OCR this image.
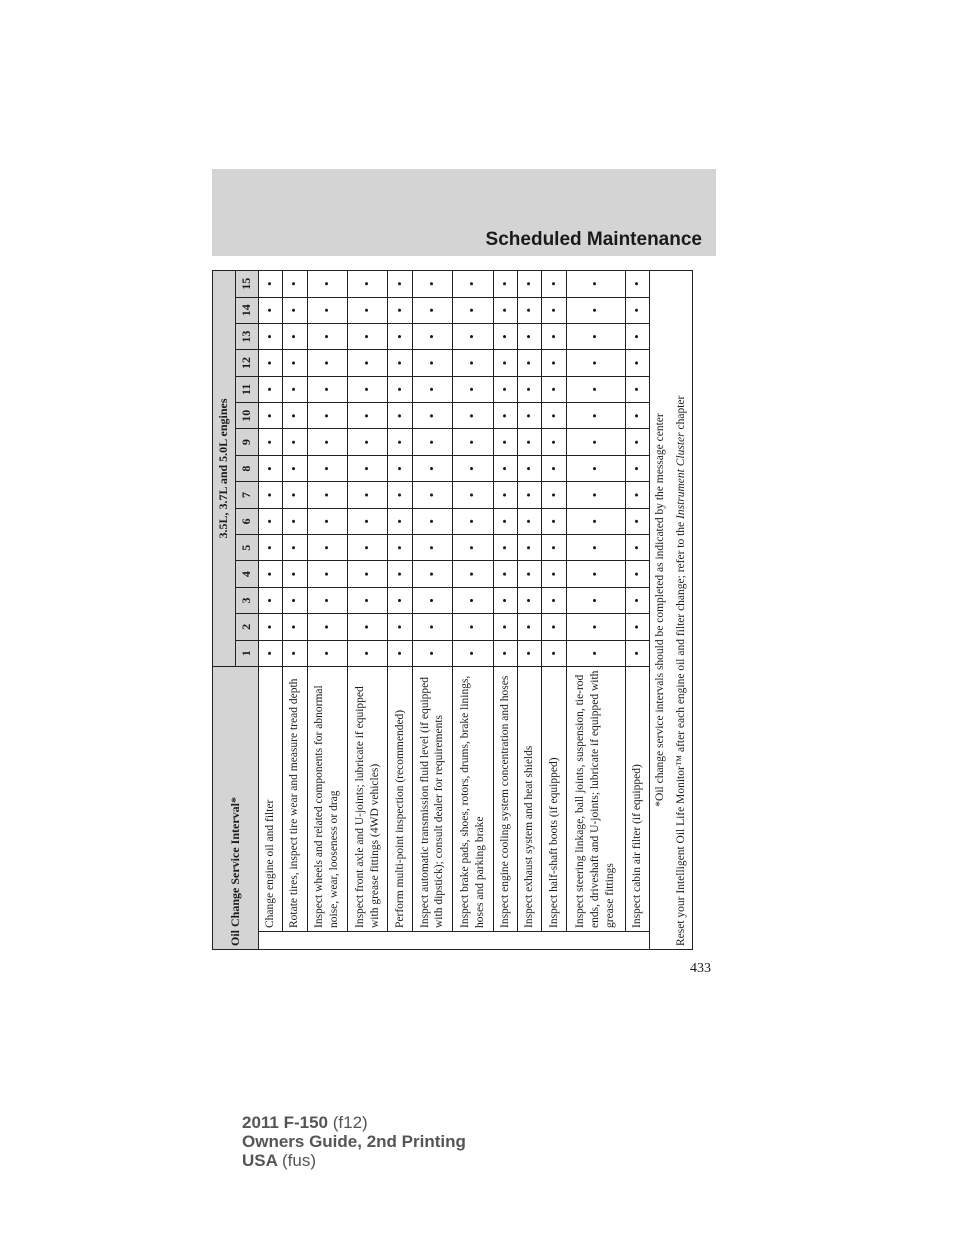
Scheduled Maintenance
Oil Change Service Interval*		3.5L, 3.7L and 5.0L engines														
		1	2	3	4	5	6	7	8	9	10	11	12	13	14	15
	Change engine oil and filter	•	•	•	•	•	•	•	•	•	•	•	•	•	•	•
	Rotate tires, inspect tire wear and measure tread depth	•	•	•	•	•	•	•	•	•	•	•	•	•	•	•
	Inspect wheels and related components for abnormal noise, wear, looseness or drag	•	•	•	•	•	•	•	•	•	•	•	•	•	•	•
	Inspect front axle and U-joints; lubricate if equipped with grease fittings (4WD vehicles)	•	•	•	•	•	•	•	•	•	•	•	•	•	•	•
	Perform multi-point inspection (recommended)	•	•	•	•	•	•	•	•	•	•	•	•	•	•	•
	Inspect automatic transmission fluid level (if equipped with dipstick); consult dealer for requirements	•	•	•	•	•	•	•	•	•	•	•	•	•	•	•
	Inspect brake pads, shoes, rotors, drums, brake linings, hoses and parking brake	•	•	•	•	•	•	•	•	•	•	•	•	•	•	•
	Inspect engine cooling system concentration and hoses	•	•	•	•	•	•	•	•	•	•	•	•	•	•	•
	Inspect exhaust system and heat shields	•	•	•	•	•	•	•	•	•	•	•	•	•	•	•
	Inspect half-shaft boots (if equipped)	•	•	•	•	•	•	•	•	•	•	•	•	•	•	•
	Inspect steering linkage, ball joints, suspension, tie-rod ends, driveshaft and U-joints; lubricate if equipped with grease fittings	•	•	•	•	•	•	•	•	•	•	•	•	•	•	•
	Inspect cabin air filter (if equipped)	•	•	•	•	•	•	•	•	•	•	•	•	•	•	•
*Oil change service intervals should be completed as indicated by the message center																
Reset your Intelligent Oil Life Monitor™ after each engine oil and filter change; refer to the Instrument Cluster chapter																
433
2011 F-150 (f12)
Owners Guide, 2nd Printing
USA (fus)
